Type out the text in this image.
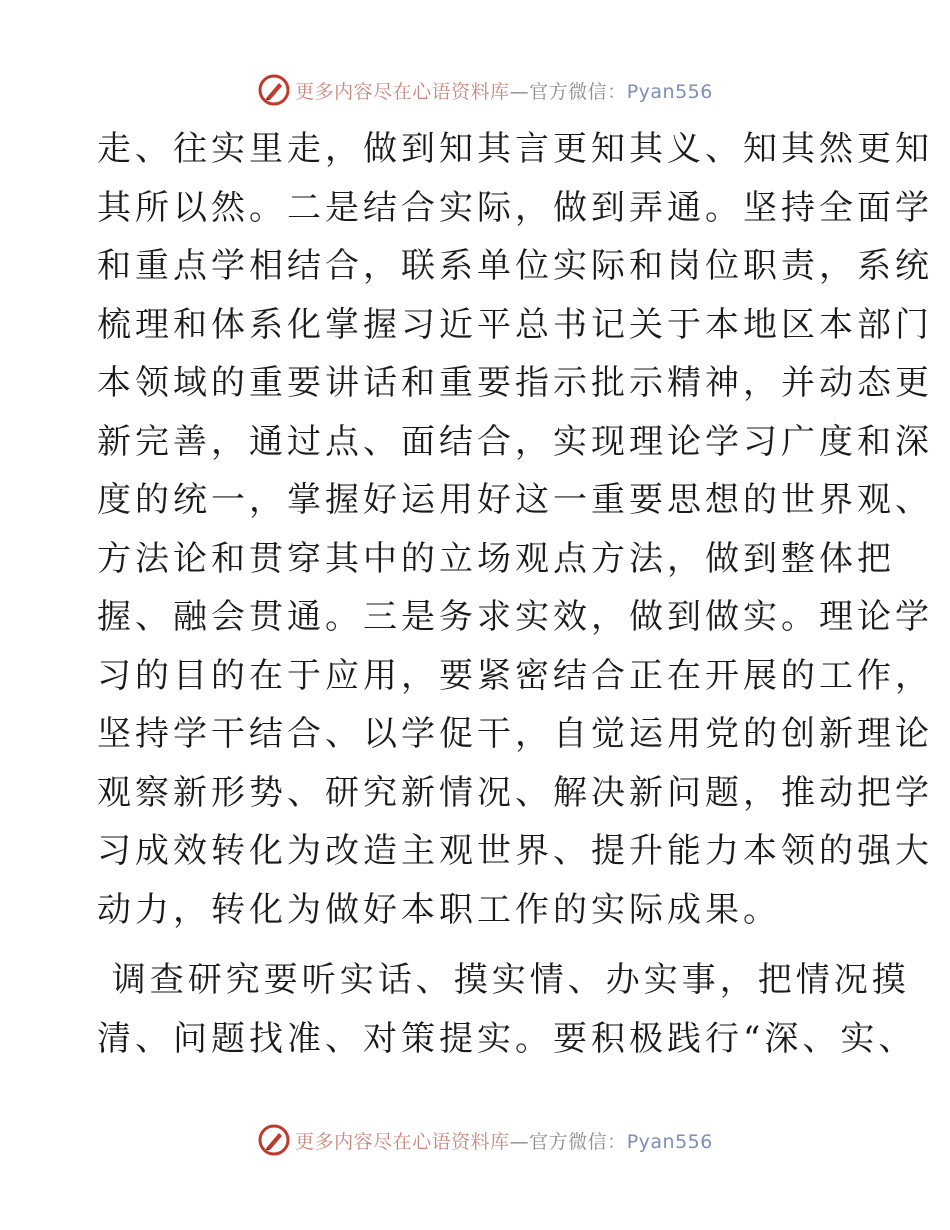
更多内容尽在心语资料库—官方微信：Pyan556
走、往实里走，做到知其言更知其义、知其然更知
其所以然。二是结合实际，做到弄通。坚持全面学
和重点学相结合，联系单位实际和岗位职责，系统
梳理和体系化掌握习近平总书记关于本地区本部门
本领域的重要讲话和重要指示批示精神，并动态更
新完善，通过点、面结合，实现理论学习广度和深
度的统一，掌握好运用好这一重要思想的世界观、
方法论和贯穿其中的立场观点方法，做到整体把
握、融会贯通。三是务求实效，做到做实。理论学
习的目的在于应用，要紧密结合正在开展的工作，
坚持学干结合、以学促干，自觉运用党的创新理论
观察新形势、研究新情况、解决新问题，推动把学
习成效转化为改造主观世界、提升能力本领的强大
动力，转化为做好本职工作的实际成果。
调查研究要听实话、摸实情、办实事，把情况摸
清、问题找准、对策提实。要积极践行“深、实、
更多内容尽在心语资料库—官方微信：Pyan556
